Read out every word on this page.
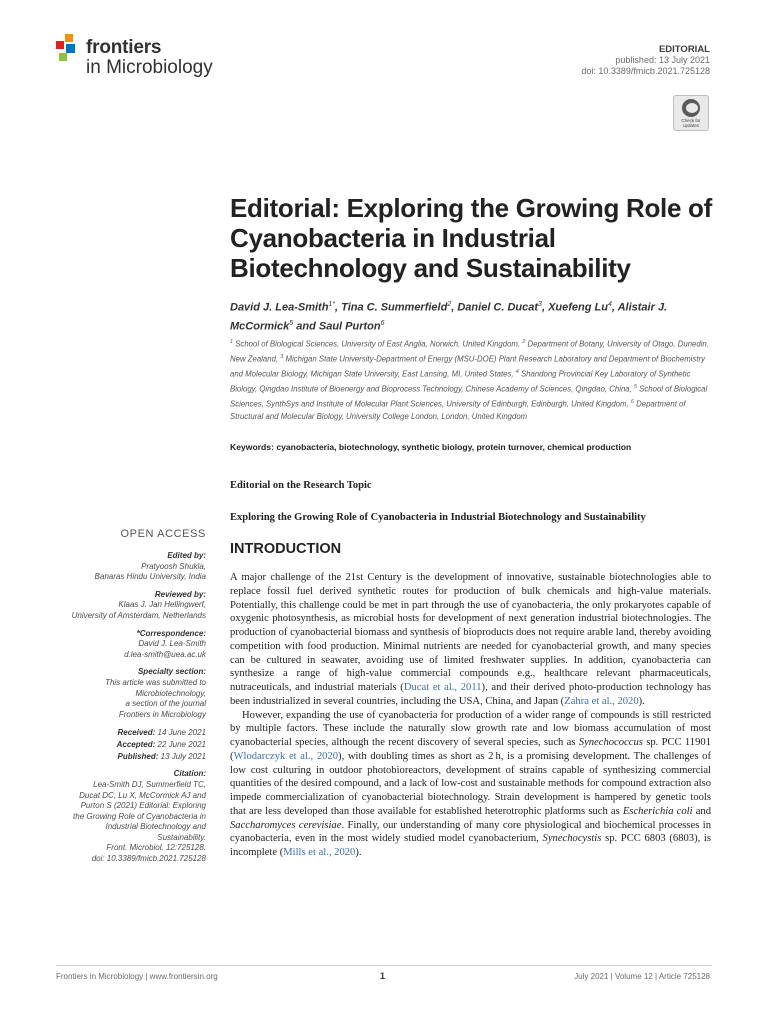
frontiers
in Microbiology
EDITORIAL
published: 13 July 2021
doi: 10.3389/fmicb.2021.725128
Check for
updates
Editorial: Exploring the Growing Role of Cyanobacteria in Industrial Biotechnology and Sustainability
David J. Lea-Smith$^{1*}$, Tina C. Summerfield$^2$, Daniel C. Ducat$^3$, Xuefeng Lu$^4$, Alistair J. McCormick$^5$ and Saul Purton$^6$
$^1$ School of Biological Sciences, University of East Anglia, Norwich, United Kingdom, $^2$ Department of Botany, University of Otago, Dunedin, New Zealand, $^3$ Michigan State University-Department of Energy (MSU-DOE) Plant Research Laboratory and Department of Biochemistry and Molecular Biology, Michigan State University, East Lansing, MI, United States, $^4$ Shandong Provincial Key Laboratory of Synthetic Biology, Qingdao Institute of Bioenergy and Bioprocess Technology, Chinese Academy of Sciences, Qingdao, China, $^5$ School of Biological Sciences, SynthSys and Institute of Molecular Plant Sciences, University of Edinburgh, Edinburgh, United Kingdom, $^6$ Department of Structural and Molecular Biology, University College London, London, United Kingdom
Keywords: cyanobacteria, biotechnology, synthetic biology, protein turnover, chemical production
Editorial on the Research Topic
Exploring the Growing Role of Cyanobacteria in Industrial Biotechnology and Sustainability
INTRODUCTION

A major challenge of the 21st Century is the development of innovative, sustainable biotechnologies able to replace fossil fuel derived synthetic routes for production of bulk chemicals and high-value materials. Potentially, this challenge could be met in part through the use of cyanobacteria, the only prokaryotes capable of oxygenic photosynthesis, as microbial hosts for development of next generation industrial biotechnologies. The production of cyanobacterial biomass and synthesis of bioproducts does not require arable land, thereby avoiding competition with food production. Minimal nutrients are needed for cyanobacterial growth, and many species can be cultured in seawater, avoiding use of limited freshwater supplies. In addition, cyanobacteria can synthesize a range of high-value commercial compounds e.g., healthcare relevant pharmaceuticals, nutraceuticals, and industrial materials (Ducat et al., 2011), and their derived photo-production technology has been industrialized in several countries, including the USA, China, and Japan (Zahra et al., 2020).

However, expanding the use of cyanobacteria for production of a wider range of compounds is still restricted by multiple factors. These include the naturally slow growth rate and low biomass accumulation of most cyanobacterial species, although the recent discovery of several species, such as Synechococcus sp. PCC 11901 (Wlodarczyk et al., 2020), with doubling times as short as 2 h, is a promising development. The challenges of low cost culturing in outdoor photobioreactors, development of strains capable of synthesizing commercial quantities of the desired compound, and a lack of low-cost and sustainable methods for compound extraction also impede commercialization of cyanobacterial biotechnology. Strain development is hampered by genetic tools that are less developed than those available for established heterotrophic platforms such as Escherichia coli and Saccharomyces cerevisiae. Finally, our understanding of many core physiological and biochemical processes in cyanobacteria, even in the most widely studied model cyanobacterium, Synechocystis sp. PCC 6803 (6803), is incomplete (Mills et al., 2020).

OPEN ACCESS
Edited by:
Pratyoosh Shukla,
Banaras Hindu University, India
Reviewed by:
Klaas J. Jan Hellingwerf,
University of Amsterdam, Netherlands
*Correspondence:
David J. Lea-Smith
d.lea-smith@uea.ac.uk
Specialty section:
This article was submitted to
Microbiotechnology,
a section of the journal
Frontiers in Microbiology
Received: 14 June 2021
Accepted: 22 June 2021
Published: 13 July 2021
Citation:
Lea-Smith DJ, Summerfield TC,
Ducat DC, Lu X, McCormick AJ and
Purton S (2021) Editorial: Exploring
the Growing Role of Cyanobacteria in
Industrial Biotechnology and
Sustainability.
Front. Microbiol. 12:725128.
doi: 10.3389/fmicb.2021.725128
Frontiers in Microbiology | www.frontiersin.org	1	July 2021 | Volume 12 | Article 725128
